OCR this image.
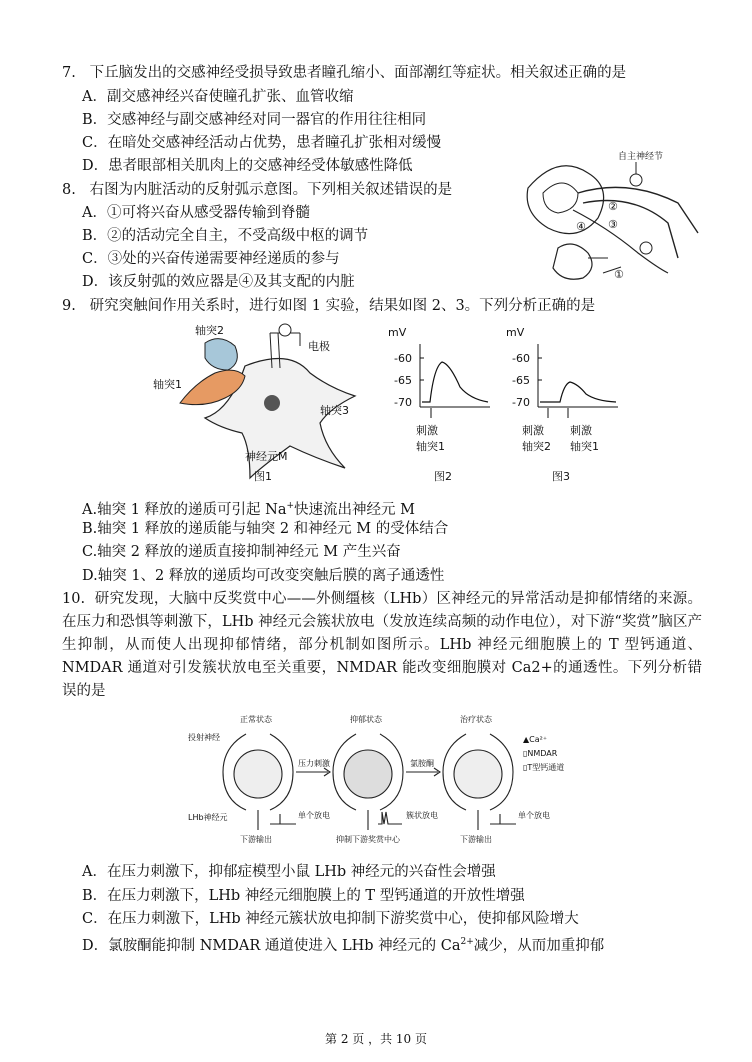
7.   下丘脑发出的交感神经受损导致患者瞳孔缩小、面部潮红等症状。相关叙述正确的是
A．副交感神经兴奋使瞳孔扩张、血管收缩
B．交感神经与副交感神经对同一器官的作用往往相同
C．在暗处交感神经活动占优势，患者瞳孔扩张相对缓慢
D．患者眼部相关肌肉上的交感神经受体敏感性降低
8.   右图为内脏活动的反射弧示意图。下列相关叙述错误的是
A．①可将兴奋从感受器传输到脊髓
B．②的活动完全自主，不受高级中枢的调节
C．③处的兴奋传递需要神经递质的参与
D．该反射弧的效应器是④及其支配的内脏
自主神经节
②
③
④
①
9.   研究突触间作用关系时，进行如图 1 实验，结果如图 2、3。下列分析正确的是
轴突2
电极
轴突1
轴突3
神经元M
图1
mV
-60
-65
-70
刺激
轴突1
图2
mV
-60
-65
-70
刺激
轴突2
刺激
轴突1
图3
A.轴突 1 释放的递质可引起 Na+快速流出神经元 M
B.轴突 1 释放的递质能与轴突 2 和神经元 M 的受体结合
C.轴突 2 释放的递质直接抑制神经元 M 产生兴奋
D.轴突 1、2 释放的递质均可改变突触后膜的离子通透性
10.  研究发现，大脑中反奖赏中心——外侧缰核（LHb）区神经元的异常活动是抑郁情绪的来源。在压力和恐惧等刺激下，LHb 神经元会簇状放电（发放连续高频的动作电位），对下游“奖赏”脑区产生抑制，从而使人出现抑郁情绪，部分机制如图所示。LHb 神经元细胞膜上的 T 型钙通道、NMDAR 通道对引发簇状放电至关重要，NMDAR 能改变细胞膜对 Ca2+的通透性。下列分析错误的是
正常状态	抑郁状态	治疗状态
投射神经
LHb神经元
压力刺激	氯胺酮
单个放电	簇状放电	单个放电
下游输出	抑制下游奖赏中心	下游输出
▲Ca²⁺
▯NMDAR
▯T型钙通道
A．在压力刺激下，抑郁症模型小鼠 LHb 神经元的兴奋性会增强
B．在压力刺激下，LHb 神经元细胞膜上的 T 型钙通道的开放性增强
C．在压力刺激下，LHb 神经元簇状放电抑制下游奖赏中心，使抑郁风险增大
D．氯胺酮能抑制 NMDAR 通道使进入 LHb 神经元的 $Ca^{2+}$减少，从而加重抑郁
第 2 页 ，共 10 页
